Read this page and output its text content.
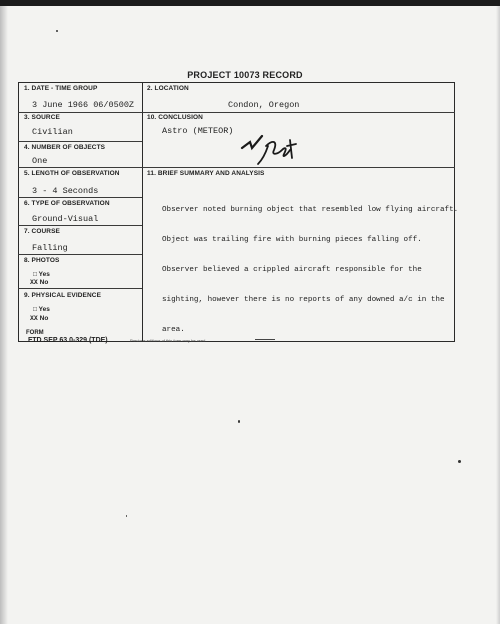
PROJECT 10073 RECORD
1. DATE - TIME GROUP
3 June 1966 06/0500Z
2. LOCATION
Condon, Oregon
3. SOURCE
Civilian
10. CONCLUSION
Astro (METEOR)
4. NUMBER OF OBJECTS
One
5. LENGTH OF OBSERVATION
3 - 4 Seconds
11. BRIEF SUMMARY AND ANALYSIS

Observer noted burning object that resembled low flying aircraft.

Object was trailing fire with burning pieces falling off.

Observer believed a crippled aircraft responsible for the

sighting, however there is no reports of any downed a/c in the

area.

6. TYPE OF OBSERVATION
Ground-Visual
7. COURSE
Falling
8. PHOTOS
□ Yes
XX No
9. PHYSICAL EVIDENCE
□ Yes
XX No
FORM
FTD SEP 63 0-329 (TDE)	Previous editions of this form may be used.
